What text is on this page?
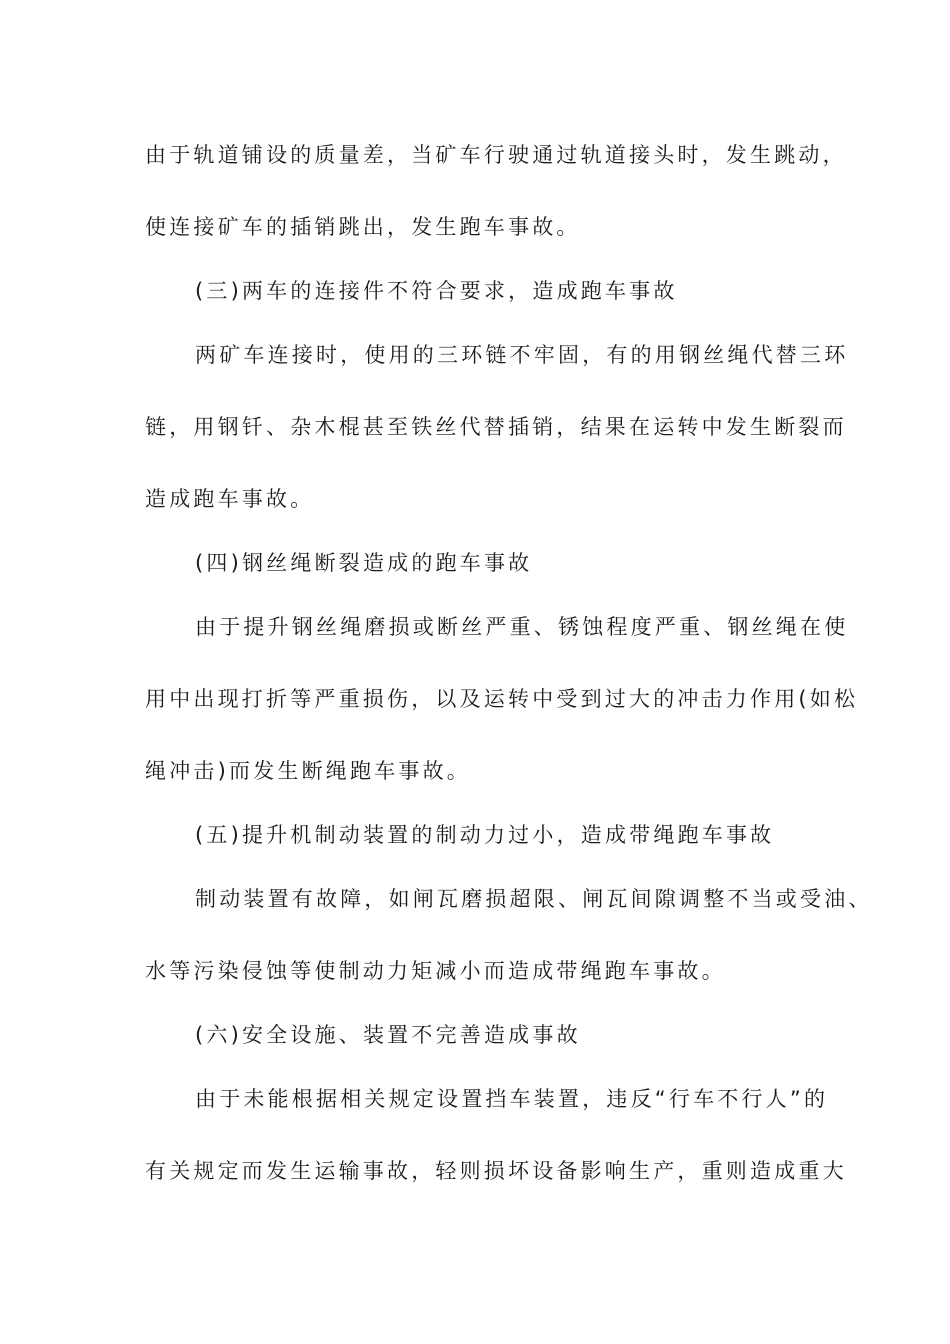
由于轨道铺设的质量差，当矿车行驶通过轨道接头时，发生跳动，

使连接矿车的插销跳出，发生跑车事故。

(三)两车的连接件不符合要求，造成跑车事故

两矿车连接时，使用的三环链不牢固，有的用钢丝绳代替三环

链，用钢钎、杂木棍甚至铁丝代替插销，结果在运转中发生断裂而

造成跑车事故。

(四)钢丝绳断裂造成的跑车事故

由于提升钢丝绳磨损或断丝严重、锈蚀程度严重、钢丝绳在使

用中出现打折等严重损伤，以及运转中受到过大的冲击力作用(如松

绳冲击)而发生断绳跑车事故。

(五)提升机制动装置的制动力过小，造成带绳跑车事故

制动装置有故障，如闸瓦磨损超限、闸瓦间隙调整不当或受油、

水等污染侵蚀等使制动力矩减小而造成带绳跑车事故。

(六)安全设施、装置不完善造成事故

由于未能根据相关规定设置挡车装置，违反“行车不行人”的

有关规定而发生运输事故，轻则损坏设备影响生产，重则造成重大
